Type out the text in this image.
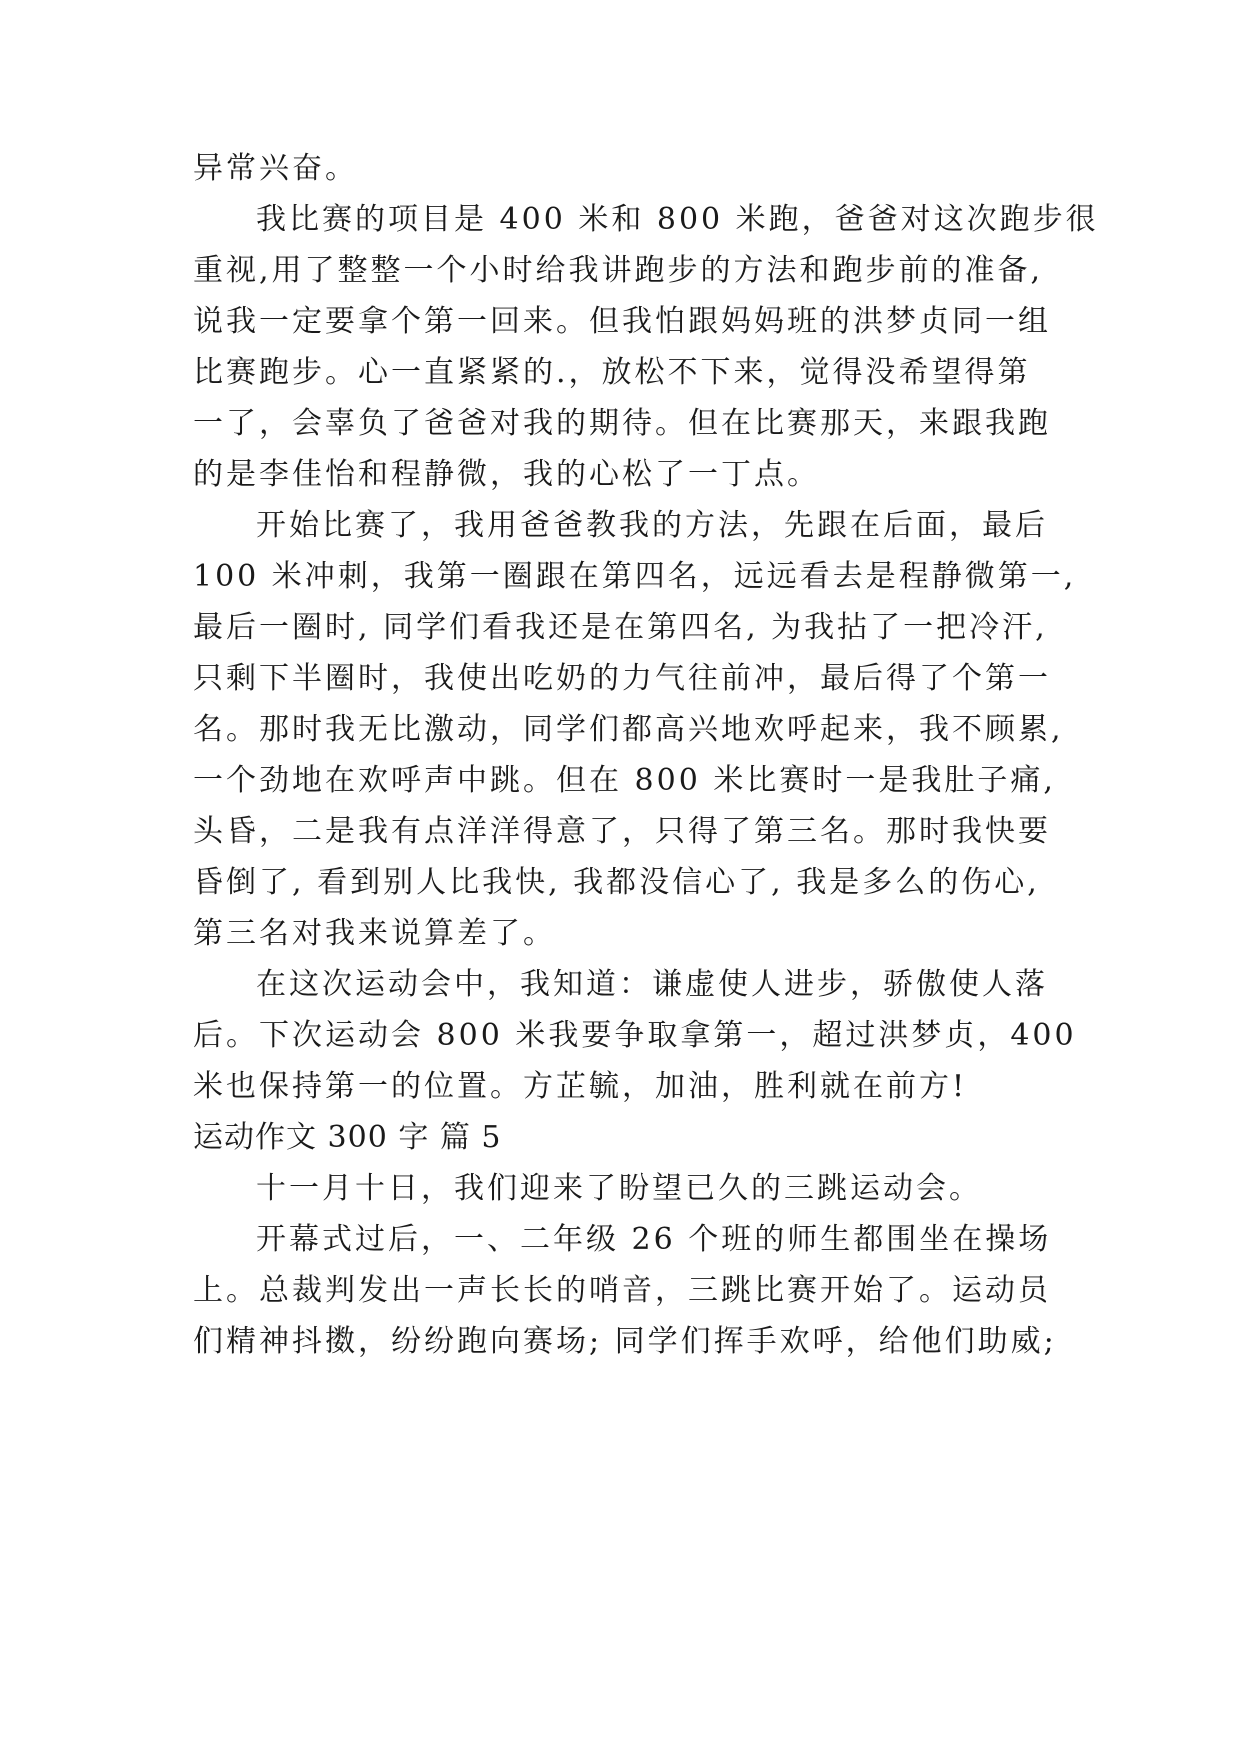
异常兴奋。
我比赛的项目是 400 米和 800 米跑，爸爸对这次跑步很
重视,用了整整一个小时给我讲跑步的方法和跑步前的准备,
说我一定要拿个第一回来。但我怕跟妈妈班的洪梦贞同一组
比赛跑步。心一直紧紧的.，放松不下来，觉得没希望得第
一了，会辜负了爸爸对我的期待。但在比赛那天，来跟我跑
的是李佳怡和程静微，我的心松了一丁点。
开始比赛了，我用爸爸教我的方法，先跟在后面，最后
100 米冲刺，我第一圈跟在第四名，远远看去是程静微第一,
最后一圈时, 同学们看我还是在第四名, 为我拈了一把冷汗,
只剩下半圈时，我使出吃奶的力气往前冲，最后得了个第一
名。那时我无比激动，同学们都高兴地欢呼起来，我不顾累,
一个劲地在欢呼声中跳。但在 800 米比赛时一是我肚子痛,
头昏，二是我有点洋洋得意了，只得了第三名。那时我快要
昏倒了, 看到别人比我快, 我都没信心了, 我是多么的伤心,
第三名对我来说算差了。
在这次运动会中，我知道：谦虚使人进步，骄傲使人落
后。下次运动会 800 米我要争取拿第一，超过洪梦贞，400
米也保持第一的位置。方芷毓，加油，胜利就在前方!
运动作文 300 字 篇 5
十一月十日，我们迎来了盼望已久的三跳运动会。
开幕式过后，一、二年级 26 个班的师生都围坐在操场
上。总裁判发出一声长长的哨音，三跳比赛开始了。运动员
们精神抖擞，纷纷跑向赛场; 同学们挥手欢呼，给他们助威;
